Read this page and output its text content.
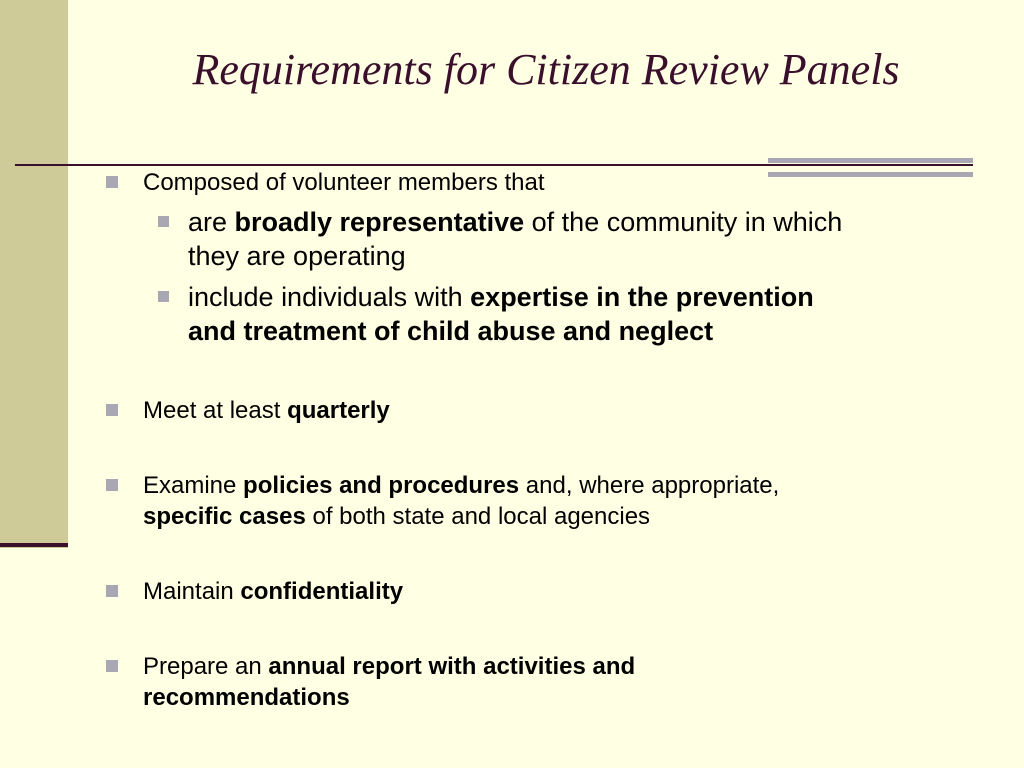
Requirements for Citizen Review Panels
Composed of volunteer members that
are broadly representative of the community in which
they are operating
include individuals with expertise in the prevention
and treatment of child abuse and neglect
Meet at least quarterly
Examine policies and procedures and, where appropriate,
specific cases of both state and local agencies
Maintain confidentiality
Prepare an annual report with activities and
recommendations
